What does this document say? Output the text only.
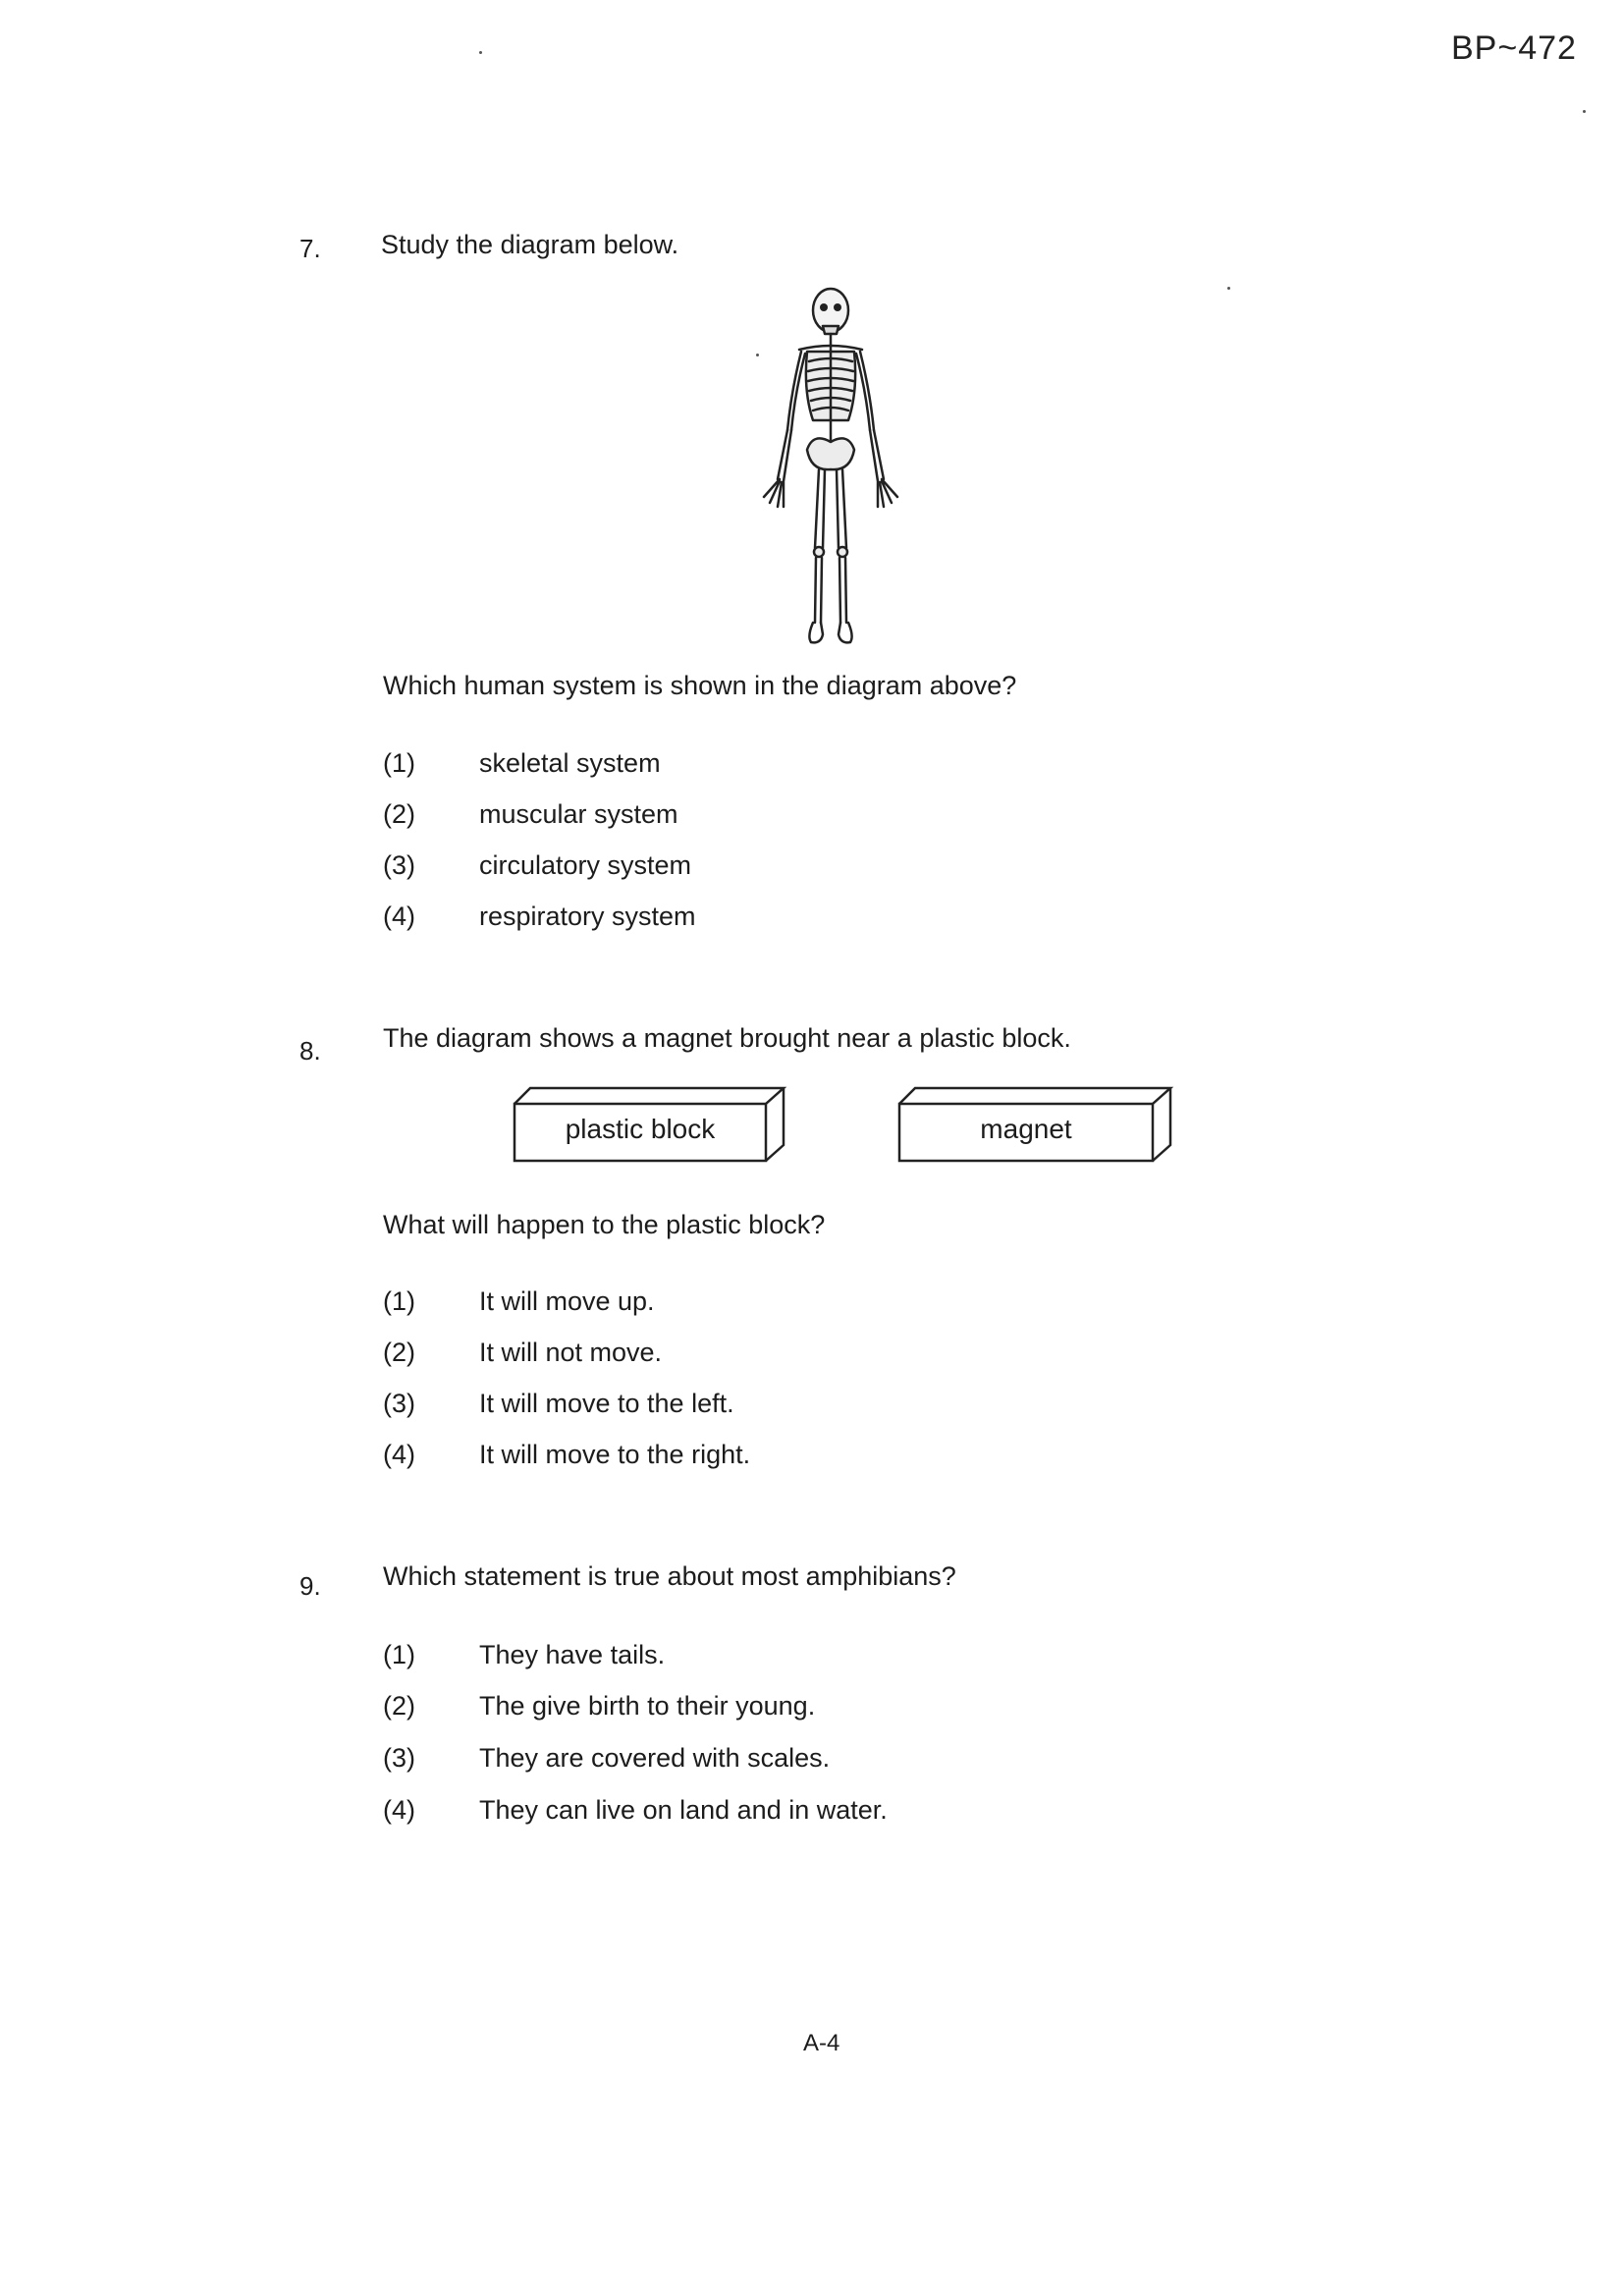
BP~472
7. Study the diagram below.
Which human system is shown in the diagram above?
(1) skeletal system
(2) muscular system
(3) circulatory system
(4) respiratory system
8. The diagram shows a magnet brought near a plastic block.
plastic block	magnet
What will happen to the plastic block?
(1) It will move up.
(2) It will not move.
(3) It will move to the left.
(4) It will move to the right.
9. Which statement is true about most amphibians?
(1) They have tails.
(2) The give birth to their young.
(3) They are covered with scales.
(4) They can live on land and in water.
A-4
